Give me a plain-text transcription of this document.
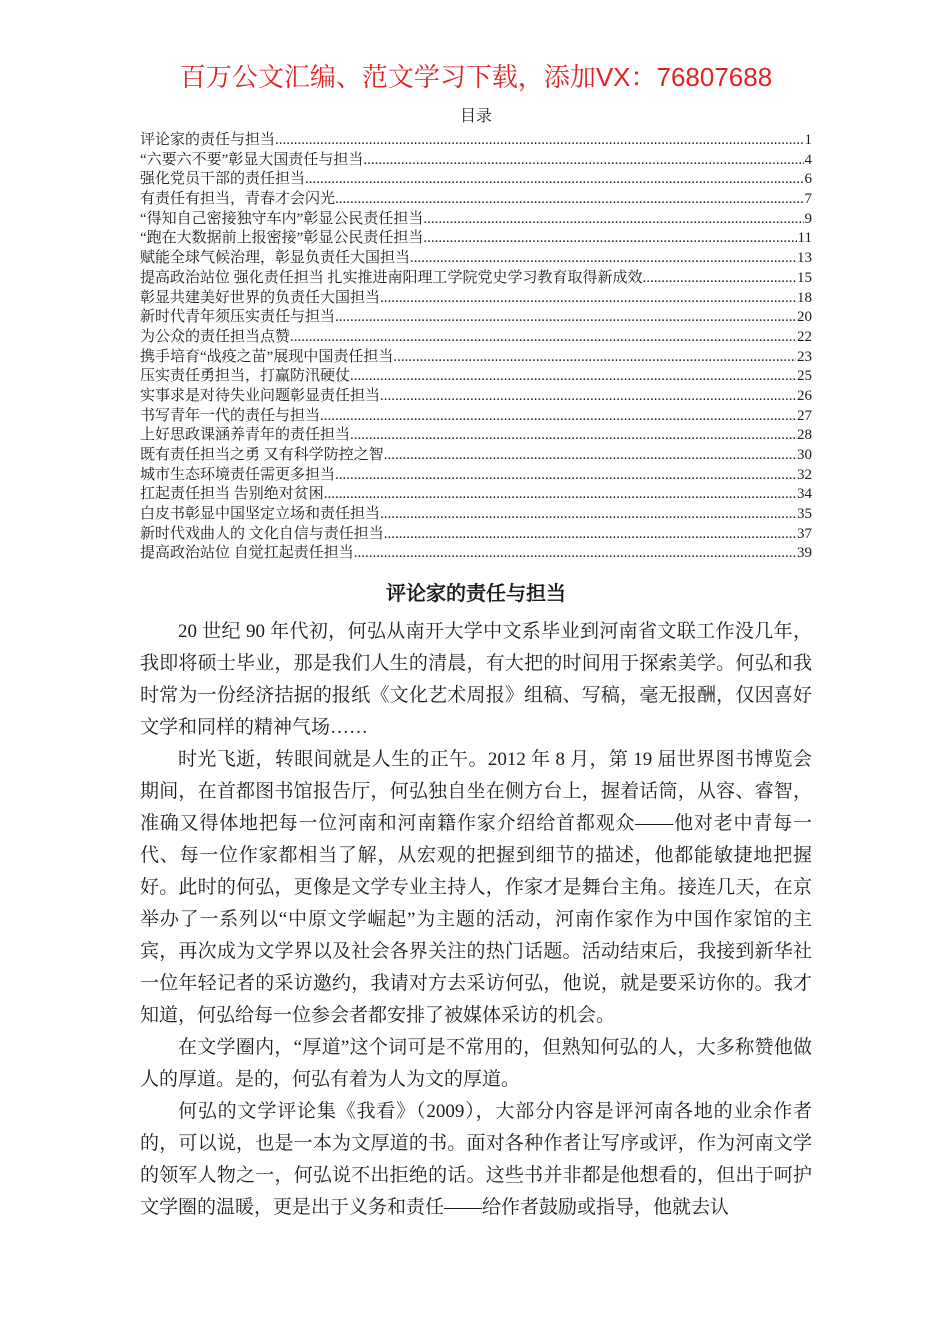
百万公文汇编、范文学习下载，添加VX：76807688
目录
评论家的责任与担当 .....	1
“六要六不要”彰显大国责任与担当 .....	4
强化党员干部的责任担当 .....	6
有责任有担当，青春才会闪光 .....	7
“得知自己密接独守车内”彰显公民责任担当 .....	9
“跑在大数据前上报密接”彰显公民责任担当 .....	11
赋能全球气候治理，彰显负责任大国担当 .....	13
提高政治站位 强化责任担当 扎实推进南阳理工学院党史学习教育取得新成效 .....	15
彰显共建美好世界的负责任大国担当 .....	18
新时代青年须压实责任与担当 .....	20
为公众的责任担当点赞 .....	22
携手培育“战疫之苗”展现中国责任担当 .....	23
压实责任勇担当，打赢防汛硬仗 .....	25
实事求是对待失业问题彰显责任担当 .....	26
书写青年一代的责任与担当 .....	27
上好思政课涵养青年的责任担当 .....	28
既有责任担当之勇 又有科学防控之智 .....	30
城市生态环境责任需更多担当 .....	32
扛起责任担当 告别绝对贫困 .....	34
白皮书彰显中国坚定立场和责任担当 .....	35
新时代戏曲人的 文化自信与责任担当 .....	37
提高政治站位 自觉扛起责任担当 .....	39
评论家的责任与担当

20 世纪 90 年代初，何弘从南开大学中文系毕业到河南省文联工作没几年，我即将硕士毕业，那是我们人生的清晨，有大把的时间用于探索美学。何弘和我时常为一份经济拮据的报纸《文化艺术周报》组稿、写稿，毫无报酬，仅因喜好文学和同样的精神气场……

时光飞逝，转眼间就是人生的正午。2012 年 8 月，第 19 届世界图书博览会期间，在首都图书馆报告厅，何弘独自坐在侧方台上，握着话筒，从容、睿智，准确又得体地把每一位河南和河南籍作家介绍给首都观众——他对老中青每一代、每一位作家都相当了解，从宏观的把握到细节的描述，他都能敏捷地把握好。此时的何弘，更像是文学专业主持人，作家才是舞台主角。接连几天，在京举办了一系列以“中原文学崛起”为主题的活动，河南作家作为中国作家馆的主宾，再次成为文学界以及社会各界关注的热门话题。活动结束后，我接到新华社一位年轻记者的采访邀约，我请对方去采访何弘，他说，就是要采访你的。我才知道，何弘给每一位参会者都安排了被媒体采访的机会。

在文学圈内，“厚道”这个词可是不常用的，但熟知何弘的人，大多称赞他做人的厚道。是的，何弘有着为人为文的厚道。

何弘的文学评论集《我看》（2009），大部分内容是评河南各地的业余作者的，可以说，也是一本为文厚道的书。面对各种作者让写序或评，作为河南文学的领军人物之一，何弘说不出拒绝的话。这些书并非都是他想看的，但出于呵护文学圈的温暖，更是出于义务和责任——给作者鼓励或指导，他就去认
